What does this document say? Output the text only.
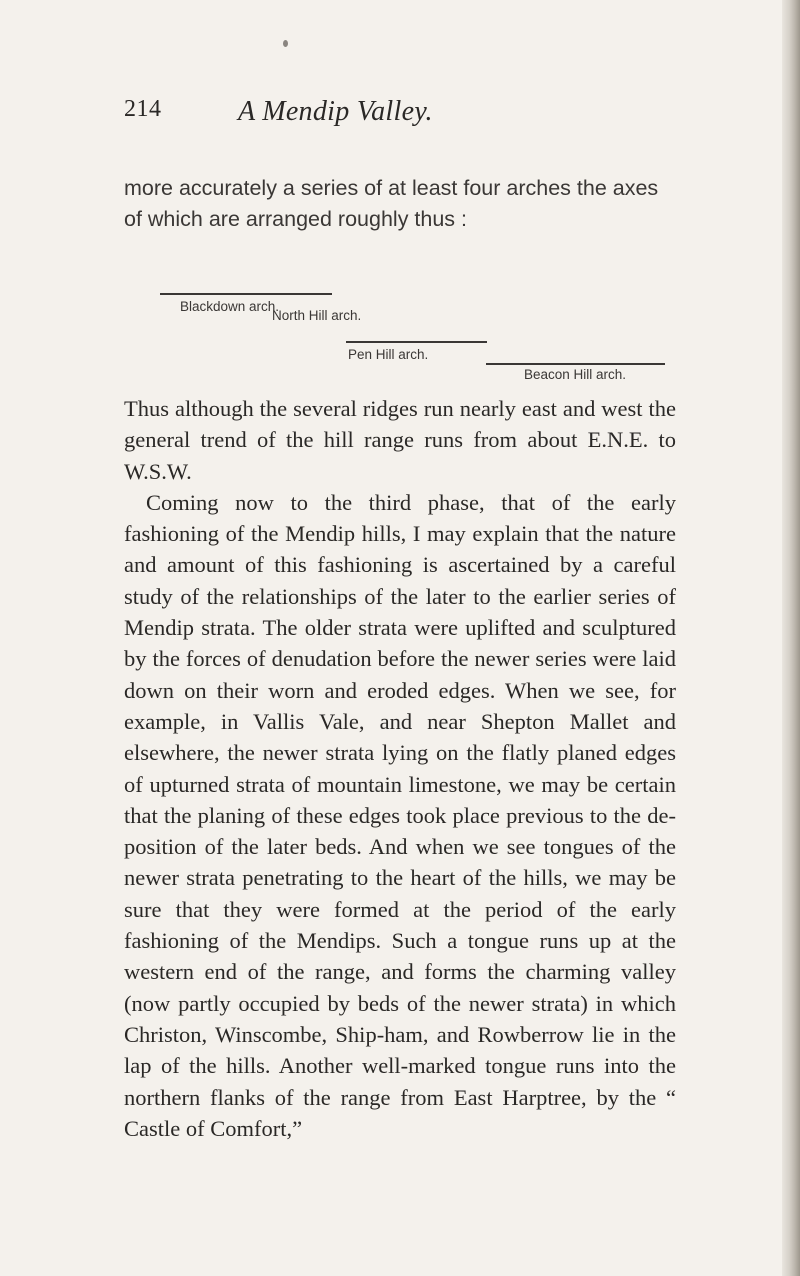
214	A Mendip Valley.
more accurately a series of at least four arches the axes of which are arranged roughly thus :
Blackdown arch.
North Hill arch.
Pen Hill arch.
Beacon Hill arch.

Thus although the several ridges run nearly east and west the general trend of the hill range runs from about E.N.E. to W.S.W.

Coming now to the third phase, that of the early fashioning of the Mendip hills, I may explain that the nature and amount of this fashioning is ascertained by a careful study of the relationships of the later to the earlier series of Mendip strata. The older strata were uplifted and sculptured by the forces of denudation before the newer series were laid down on their worn and eroded edges. When we see, for example, in Vallis Vale, and near Shepton Mallet and elsewhere, the newer strata lying on the flatly planed edges of upturned strata of mountain limestone, we may be certain that the planing of these edges took place previous to the de-position of the later beds. And when we see tongues of the newer strata penetrating to the heart of the hills, we may be sure that they were formed at the period of the early fashioning of the Mendips. Such a tongue runs up at the western end of the range, and forms the charming valley (now partly occupied by beds of the newer strata) in which Christon, Winscombe, Ship-ham, and Rowberrow lie in the lap of the hills. Another well-marked tongue runs into the northern flanks of the range from East Harptree, by the “ Castle of Comfort,”
